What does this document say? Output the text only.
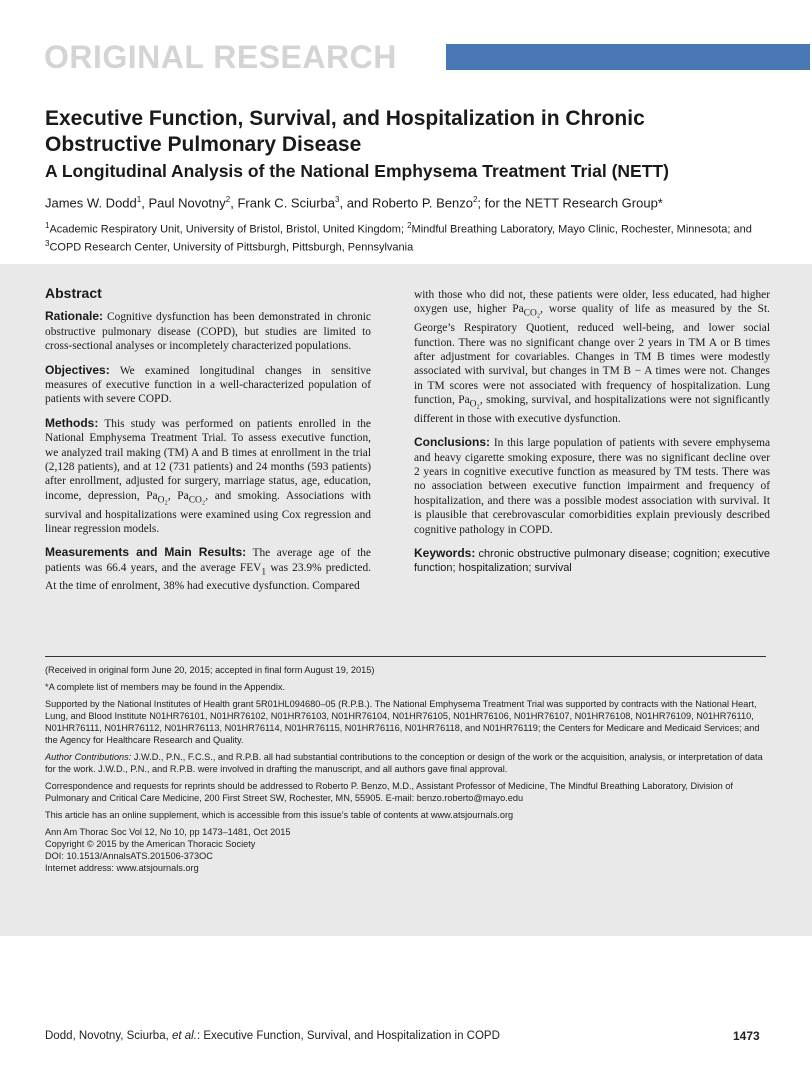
ORIGINAL RESEARCH
Executive Function, Survival, and Hospitalization in Chronic Obstructive Pulmonary Disease
A Longitudinal Analysis of the National Emphysema Treatment Trial (NETT)
James W. Dodd$^1$, Paul Novotny$^2$, Frank C. Sciurba$^3$, and Roberto P. Benzo$^2$; for the NETT Research Group*
$^1$Academic Respiratory Unit, University of Bristol, Bristol, United Kingdom; $^2$Mindful Breathing Laboratory, Mayo Clinic, Rochester, Minnesota; and $^3$COPD Research Center, University of Pittsburgh, Pittsburgh, Pennsylvania

Abstract

Rationale: Cognitive dysfunction has been demonstrated in chronic obstructive pulmonary disease (COPD), but studies are limited to cross-sectional analyses or incompletely characterized populations.

Objectives: We examined longitudinal changes in sensitive measures of executive function in a well-characterized population of patients with severe COPD.

Methods: This study was performed on patients enrolled in the National Emphysema Treatment Trial. To assess executive function, we analyzed trail making (TM) A and B times at enrollment in the trial (2,128 patients), and at 12 (731 patients) and 24 months (593 patients) after enrollment, adjusted for surgery, marriage status, age, education, income, depression, $Pa_{O_2}$, $Pa_{CO_2}$, and smoking. Associations with survival and hospitalizations were examined using Cox regression and linear regression models.

Measurements and Main Results: The average age of the patients was 66.4 years, and the average $FEV_1$ was 23.9% predicted. At the time of enrolment, 38% had executive dysfunction. Compared

with those who did not, these patients were older, less educated, had higher oxygen use, higher $Pa_{CO_2}$, worse quality of life as measured by the St. George’s Respiratory Quotient, reduced well-being, and lower social function. There was no significant change over 2 years in TM A or B times after adjustment for covariables. Changes in TM B times were modestly associated with survival, but changes in TM B − A times were not. Changes in TM scores were not associated with frequency of hospitalization. Lung function, $Pa_{O_2}$, smoking, survival, and hospitalizations were not significantly different in those with executive dysfunction.

Conclusions: In this large population of patients with severe emphysema and heavy cigarette smoking exposure, there was no significant decline over 2 years in cognitive executive function as measured by TM tests. There was no association between executive function impairment and frequency of hospitalization, and there was a possible modest association with survival. It is plausible that cerebrovascular comorbidities explain previously described cognitive pathology in COPD.

Keywords: chronic obstructive pulmonary disease; cognition; executive function; hospitalization; survival

(Received in original form June 20, 2015; accepted in final form August 19, 2015)

*A complete list of members may be found in the Appendix.

Supported by the National Institutes of Health grant 5R01HL094680–05 (R.P.B.). The National Emphysema Treatment Trial was supported by contracts with the National Heart, Lung, and Blood Institute N01HR76101, N01HR76102, N01HR76103, N01HR76104, N01HR76105, N01HR76106, N01HR76107, N01HR76108, N01HR76109, N01HR76110, N01HR76111, N01HR76112, N01HR76113, N01HR76114, N01HR76115, N01HR76116, N01HR76118, and N01HR76119; the Centers for Medicare and Medicaid Services; and the Agency for Healthcare Research and Quality.

Author Contributions: J.W.D., P.N., F.C.S., and R.P.B. all had substantial contributions to the conception or design of the work or the acquisition, analysis, or interpretation of data for the work. J.W.D., P.N., and R.P.B. were involved in drafting the manuscript, and all authors gave final approval.

Correspondence and requests for reprints should be addressed to Roberto P. Benzo, M.D., Assistant Professor of Medicine, The Mindful Breathing Laboratory, Division of Pulmonary and Critical Care Medicine, 200 First Street SW, Rochester, MN, 55905. E-mail: benzo.roberto@mayo.edu

This article has an online supplement, which is accessible from this issue’s table of contents at www.atsjournals.org

Ann Am Thorac Soc Vol 12, No 10, pp 1473–1481, Oct 2015

Copyright © 2015 by the American Thoracic Society

DOI: 10.1513/AnnalsATS.201506-373OC

Internet address: www.atsjournals.org

Dodd, Novotny, Sciurba, et al.: Executive Function, Survival, and Hospitalization in COPD	1473
